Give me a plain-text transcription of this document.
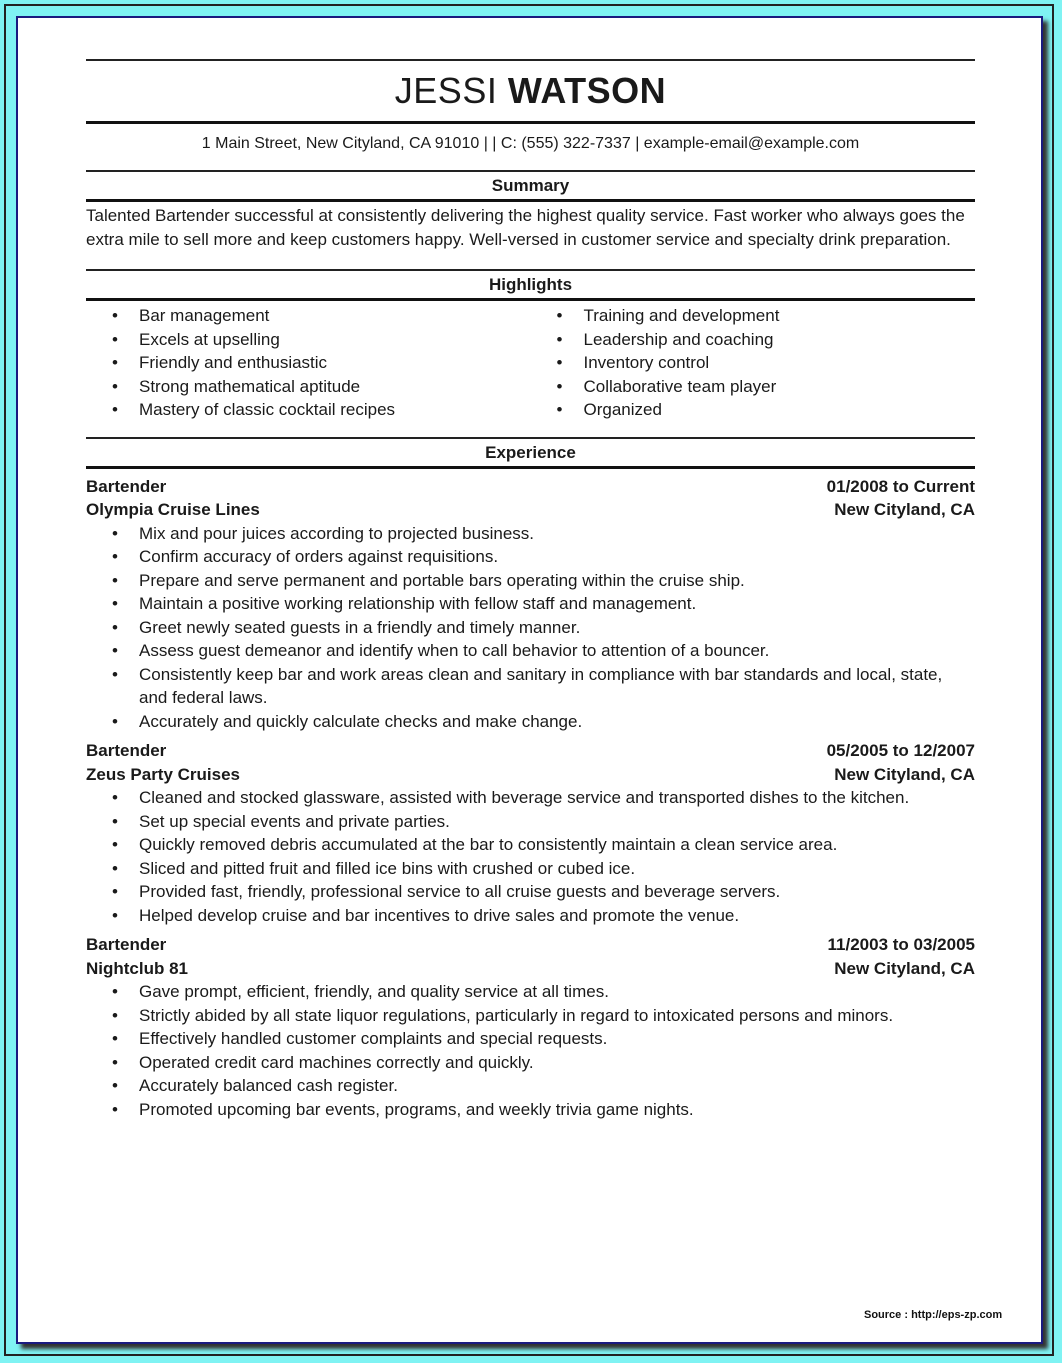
JESSI WATSON
1 Main Street, New Cityland, CA 91010 | | C: (555) 322-7337 | example-email@example.com
Summary

Talented Bartender successful at consistently delivering the highest quality service. Fast worker who always goes the extra mile to sell more and keep customers happy. Well-versed in customer service and specialty drink preparation.

Highlights
• Bar management
• Excels at upselling
• Friendly and enthusiastic
• Strong mathematical aptitude
• Mastery of classic cocktail recipes
• Training and development
• Leadership and coaching
• Inventory control
• Collaborative team player
• Organized
Experience
Bartender	01/2008 to Current
Olympia Cruise Lines	New Cityland, CA
• Mix and pour juices according to projected business.
• Confirm accuracy of orders against requisitions.
• Prepare and serve permanent and portable bars operating within the cruise ship.
• Maintain a positive working relationship with fellow staff and management.
• Greet newly seated guests in a friendly and timely manner.
• Assess guest demeanor and identify when to call behavior to attention of a bouncer.
• Consistently keep bar and work areas clean and sanitary in compliance with bar standards and local, state, and federal laws.
• Accurately and quickly calculate checks and make change.
Bartender	05/2005 to 12/2007
Zeus Party Cruises	New Cityland, CA
• Cleaned and stocked glassware, assisted with beverage service and transported dishes to the kitchen.
• Set up special events and private parties.
• Quickly removed debris accumulated at the bar to consistently maintain a clean service area.
• Sliced and pitted fruit and filled ice bins with crushed or cubed ice.
• Provided fast, friendly, professional service to all cruise guests and beverage servers.
• Helped develop cruise and bar incentives to drive sales and promote the venue.
Bartender	11/2003 to 03/2005
Nightclub 81	New Cityland, CA
• Gave prompt, efficient, friendly, and quality service at all times.
• Strictly abided by all state liquor regulations, particularly in regard to intoxicated persons and minors.
• Effectively handled customer complaints and special requests.
• Operated credit card machines correctly and quickly.
• Accurately balanced cash register.
• Promoted upcoming bar events, programs, and weekly trivia game nights.
Source : http://eps-zp.com
